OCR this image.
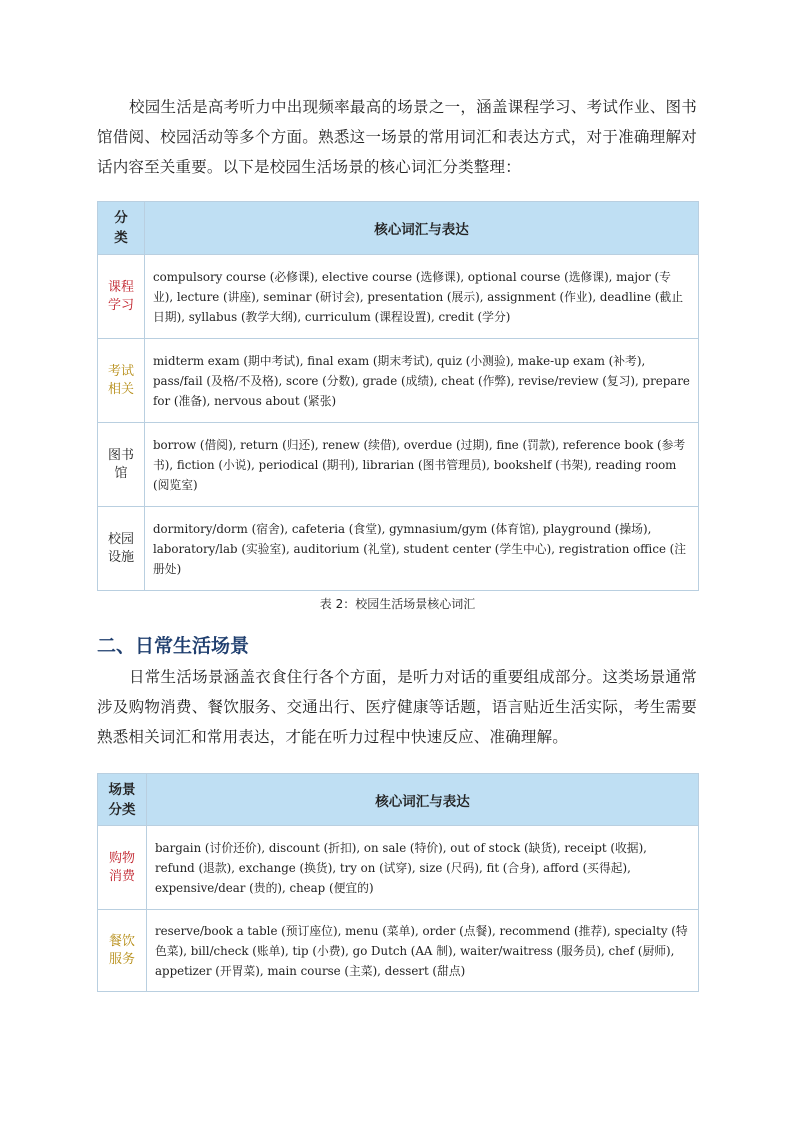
校园生活是高考听力中出现频率最高的场景之一，涵盖课程学习、考试作业、图书馆借阅、校园活动等多个方面。熟悉这一场景的常用词汇和表达方式，对于准确理解对话内容至关重要。以下是校园生活场景的核心词汇分类整理：

分类	核心词汇与表达

课程学习	compulsory course (必修课), elective course (选修课), optional course (选修课), major (专业), lecture (讲座), seminar (研讨会), presentation (展示), assignment (作业), deadline (截止日期), syllabus (教学大纲), curriculum (课程设置), credit (学分)

考试相关	midterm exam (期中考试), final exam (期末考试), quiz (小测验), make-up exam (补考), pass/fail (及格/不及格), score (分数), grade (成绩), cheat (作弊), revise/review (复习), prepare for (准备), nervous about (紧张)

图书馆	borrow (借阅), return (归还), renew (续借), overdue (过期), fine (罚款), reference book (参考书), fiction (小说), periodical (期刊), librarian (图书管理员), bookshelf (书架), reading room (阅览室)

校园设施	dormitory/dorm (宿舍), cafeteria (食堂), gymnasium/gym (体育馆), playground (操场), laboratory/lab (实验室), auditorium (礼堂), student center (学生中心), registration office (注册处)
表 2：校园生活场景核心词汇
二、日常生活场景

日常生活场景涵盖衣食住行各个方面，是听力对话的重要组成部分。这类场景通常涉及购物消费、餐饮服务、交通出行、医疗健康等话题，语言贴近生活实际，考生需要熟悉相关词汇和常用表达，才能在听力过程中快速反应、准确理解。

场景分类	核心词汇与表达

购物消费	bargain (讨价还价), discount (折扣), on sale (特价), out of stock (缺货), receipt (收据), refund (退款), exchange (换货), try on (试穿), size (尺码), fit (合身), afford (买得起), expensive/dear (贵的), cheap (便宜的)

餐饮服务	reserve/book a table (预订座位), menu (菜单), order (点餐), recommend (推荐), specialty (特色菜), bill/check (账单), tip (小费), go Dutch (AA 制), waiter/waitress (服务员), chef (厨师), appetizer (开胃菜), main course (主菜), dessert (甜点)
